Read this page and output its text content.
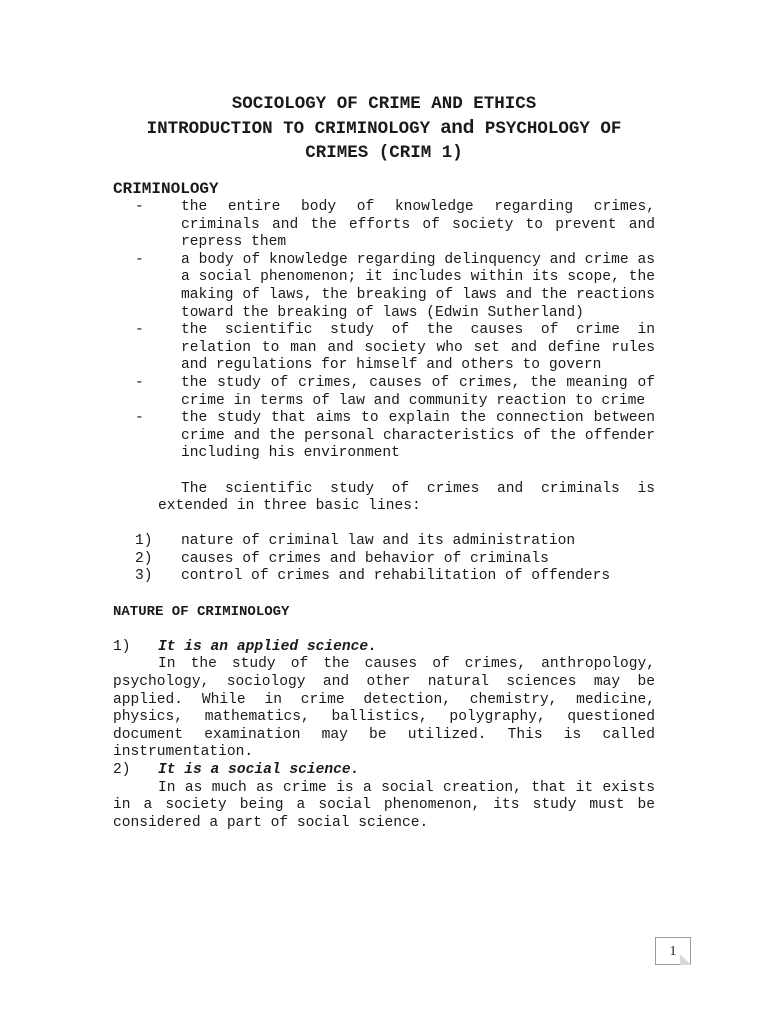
SOCIOLOGY OF CRIME AND ETHICS
INTRODUCTION TO CRIMINOLOGY and PSYCHOLOGY OF
CRIMES (CRIM 1)
CRIMINOLOGY
-	the entire body of knowledge regarding crimes, criminals and the efforts of society to prevent and repress them
-	a body of knowledge regarding delinquency and crime as a social phenomenon; it includes within its scope, the making of laws, the breaking of laws and the reactions toward the breaking of laws (Edwin Sutherland)
-	the scientific study of the causes of crime in relation to man and society who set and define rules and regulations for himself and others to govern
-	the study of crimes, causes of crimes, the meaning of crime in terms of law and community reaction to crime
-	the study that aims to explain the connection between crime and the personal characteristics of the offender including his environment

The scientific study of crimes and criminals is extended in three basic lines:

1) nature of criminal law and its administration
2) causes of crimes and behavior of criminals
3) control of crimes and rehabilitation of offenders
NATURE OF CRIMINOLOGY
1) It is an applied science.

In the study of the causes of crimes, anthropology, psychology, sociology and other natural sciences may be applied. While in crime detection, chemistry, medicine, physics, mathematics, ballistics, polygraphy, questioned document examination may be utilized. This is called instrumentation.

2) It is a social science.

In as much as crime is a social creation, that it exists in a society being a social phenomenon, its study must be considered a part of social science.

1
